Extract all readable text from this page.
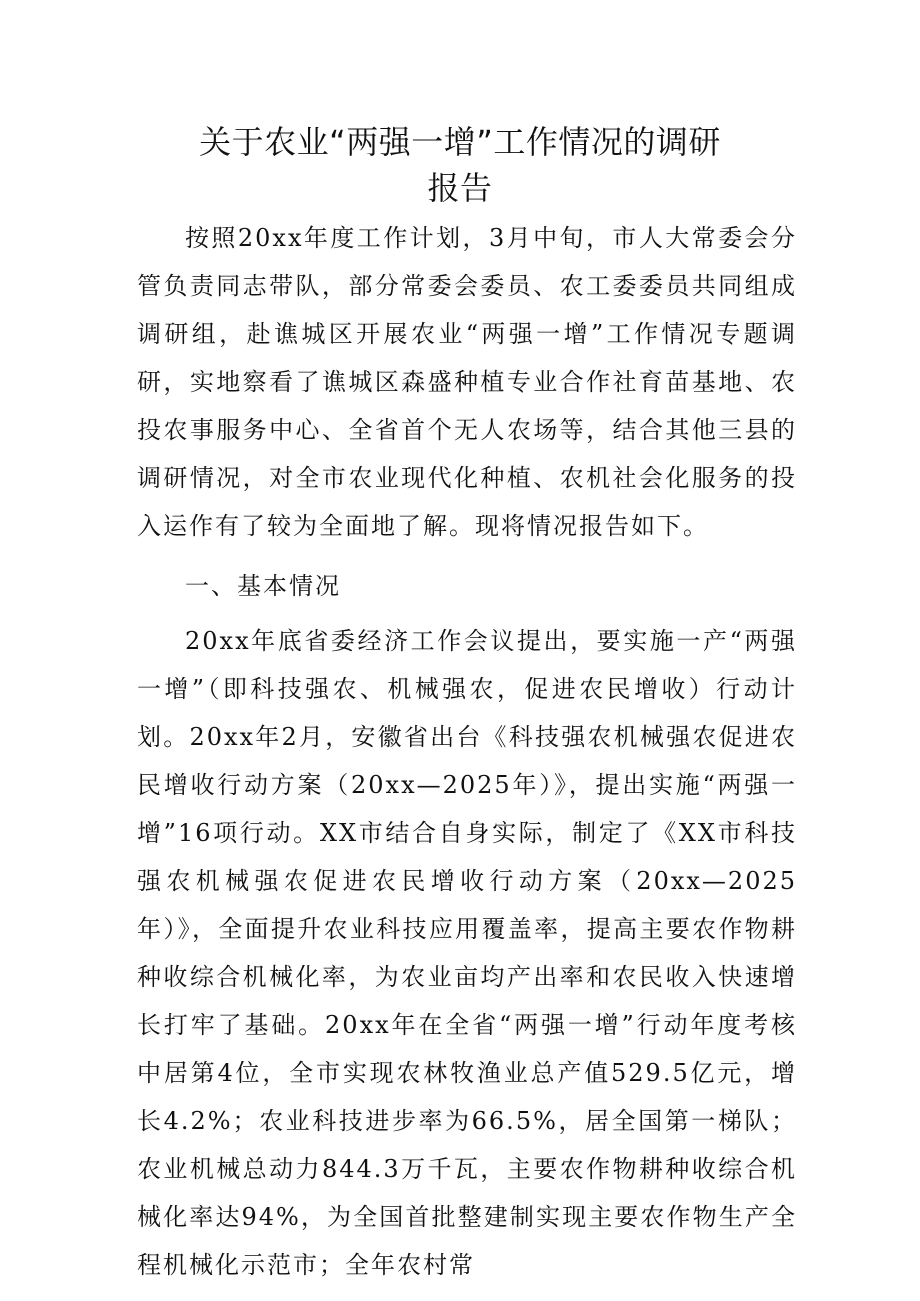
关于农业“两强一增”工作情况的调研
报告

按照20xx年度工作计划，3月中旬，市人大常委会分管负责同志带队，部分常委会委员、农工委委员共同组成调研组，赴谯城区开展农业“两强一增”工作情况专题调研，实地察看了谯城区森盛种植专业合作社育苗基地、农投农事服务中心、全省首个无人农场等，结合其他三县的调研情况，对全市农业现代化种植、农机社会化服务的投入运作有了较为全面地了解。现将情况报告如下。

一、基本情况

20xx年底省委经济工作会议提出，要实施一产“两强一增”（即科技强农、机械强农，促进农民增收）行动计划。20xx年2月，安徽省出台《科技强农机械强农促进农民增收行动方案（20xx—2025年）》，提出实施“两强一增”16项行动。XX市结合自身实际，制定了《XX市科技强农机械强农促进农民增收行动方案（20xx—2025年）》，全面提升农业科技应用覆盖率，提高主要农作物耕种收综合机械化率，为农业亩均产出率和农民收入快速增长打牢了基础。20xx年在全省“两强一增”行动年度考核中居第4位，全市实现农林牧渔业总产值529.5亿元，增长4.2%；农业科技进步率为66.5%，居全国第一梯队；农业机械总动力844.3万千瓦，主要农作物耕种收综合机械化率达94%，为全国首批整建制实现主要农作物生产全程机械化示范市；全年农村常
